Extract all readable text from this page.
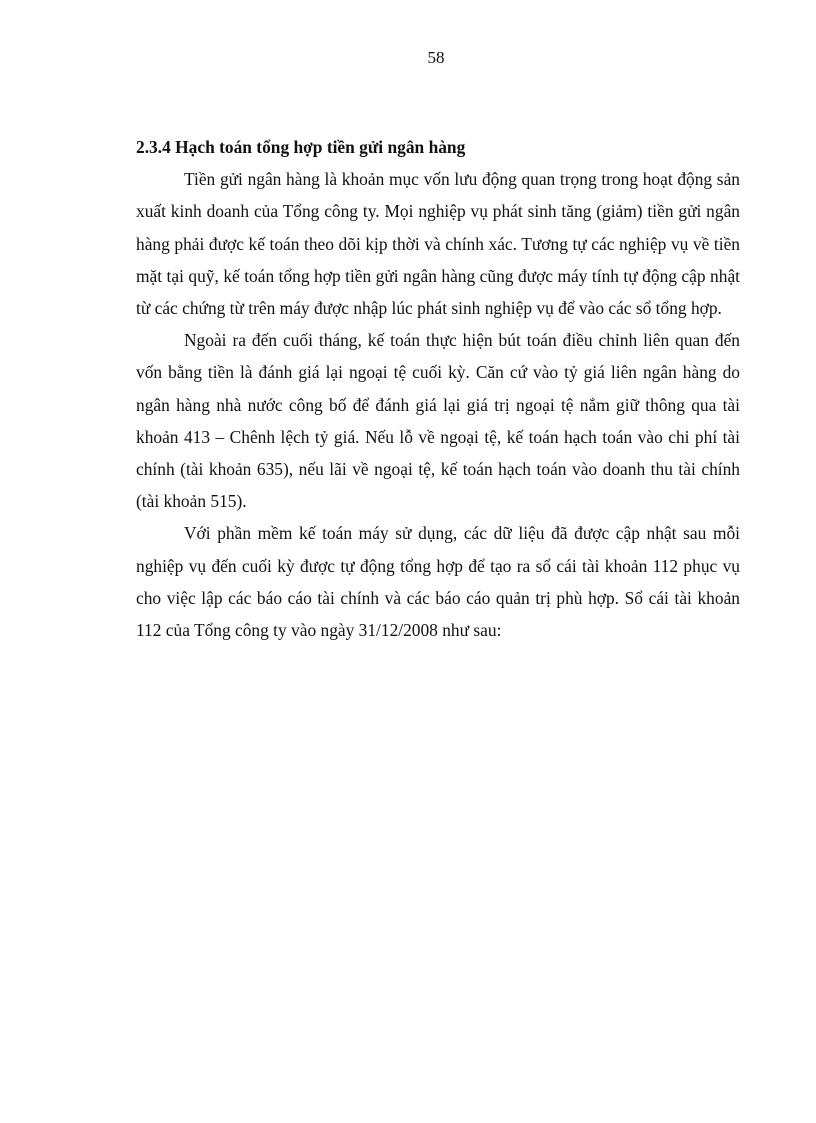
58

2.3.4 Hạch toán tổng hợp tiền gửi ngân hàng

Tiền gửi ngân hàng là khoản mục vốn lưu động quan trọng trong hoạt động sản xuất kinh doanh của Tổng công ty. Mọi nghiệp vụ phát sinh tăng (giảm) tiền gửi ngân hàng phải được kế toán theo dõi kịp thời và chính xác. Tương tự các nghiệp vụ về tiền mặt tại quỹ, kế toán tổng hợp tiền gửi ngân hàng cũng được máy tính tự động cập nhật từ các chứng từ trên máy được nhập lúc phát sinh nghiệp vụ để vào các sổ tổng hợp.

Ngoài ra đến cuối tháng, kế toán thực hiện bút toán điều chỉnh liên quan đến vốn bằng tiền là đánh giá lại ngoại tệ cuối kỳ. Căn cứ vào tỷ giá liên ngân hàng do ngân hàng nhà nước công bố để đánh giá lại giá trị ngoại tệ nắm giữ thông qua tài khoản 413 – Chênh lệch tỷ giá. Nếu lỗ về ngoại tệ, kế toán hạch toán vào chi phí tài chính (tài khoản 635), nếu lãi về ngoại tệ, kế toán hạch toán vào doanh thu tài chính (tài khoản 515).

Với phần mềm kế toán máy sử dụng, các dữ liệu đã được cập nhật sau mỗi nghiệp vụ đến cuối kỳ được tự động tổng hợp để tạo ra sổ cái tài khoản 112 phục vụ cho việc lập các báo cáo tài chính và các báo cáo quản trị phù hợp. Sổ cái tài khoản 112 của Tổng công ty vào ngày 31/12/2008 như sau:
